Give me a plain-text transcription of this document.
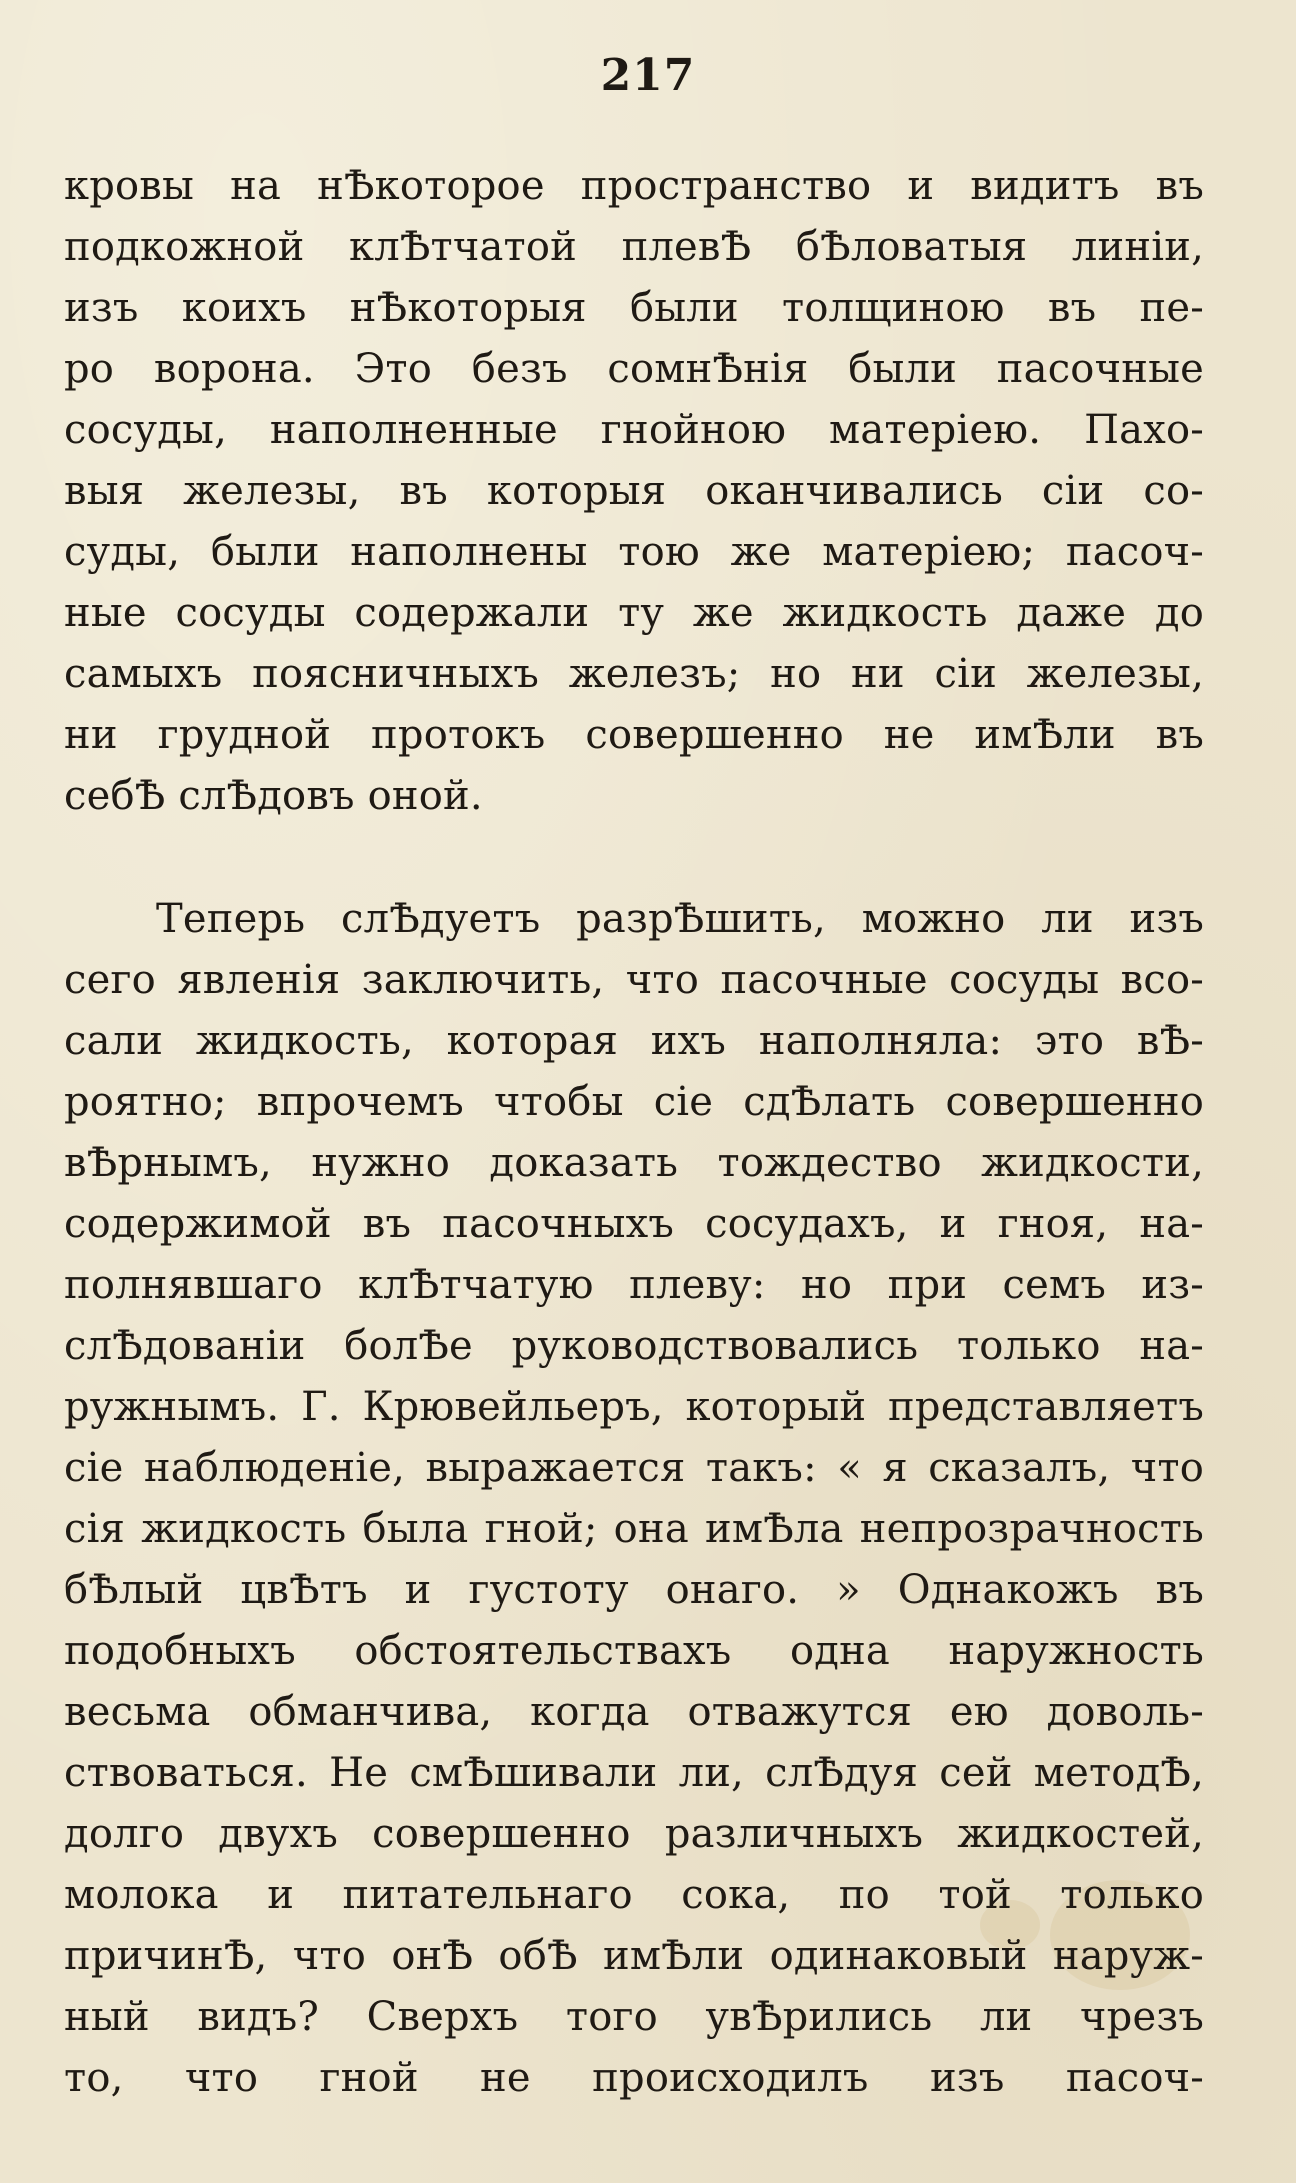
217
кровы на нѢкоторое пространство и видитъ въ
подкожной клѢтчатой плевѢ бѢловатыя линіи,
изъ коихъ нѢкоторыя были толщиною въ пе-
ро ворона. Это безъ сомнѢнія были пасочные
сосуды, наполненные гнойною матеріею. Пахо-
выя железы, въ которыя оканчивались сіи со-
суды, были наполнены тою же матеріею; пасоч-
ные сосуды содержали ту же жидкость даже до
самыхъ поясничныхъ железъ; но ни сіи железы,
ни грудной протокъ совершенно не имѢли въ
себѢ слѢдовъ оной.
Теперь слѢдуетъ разрѢшить, можно ли изъ
сего явленія заключить, что пасочные сосуды всо-
сали жидкость, которая ихъ наполняла: это вѢ-
роятно; впрочемъ чтобы сіе сдѢлать совершенно
вѢрнымъ, нужно доказать тождество жидкости,
содержимой въ пасочныхъ сосудахъ, и гноя, на-
полнявшаго клѢтчатую плеву: но при семъ из-
слѢдованіи болѢе руководствовались только на-
ружнымъ. Г. Крювейльеръ, который представляетъ
сіе наблюденіе, выражается такъ: « я сказалъ, что
сія жидкость была гной; она имѢла непрозрачность
бѢлый цвѢтъ и густоту онаго. » Однакожъ въ
подобныхъ обстоятельствахъ одна наружность
весьма обманчива, когда отважутся ею доволь-
ствоваться. Не смѢшивали ли, слѢдуя сей методѢ,
долго двухъ совершенно различныхъ жидкостей,
молока и питательнаго сока, по той только
причинѢ, что онѢ обѢ имѢли одинаковый наруж-
ный видъ? Сверхъ того увѢрились ли чрезъ
то, что гной не происходилъ изъ пасоч-
